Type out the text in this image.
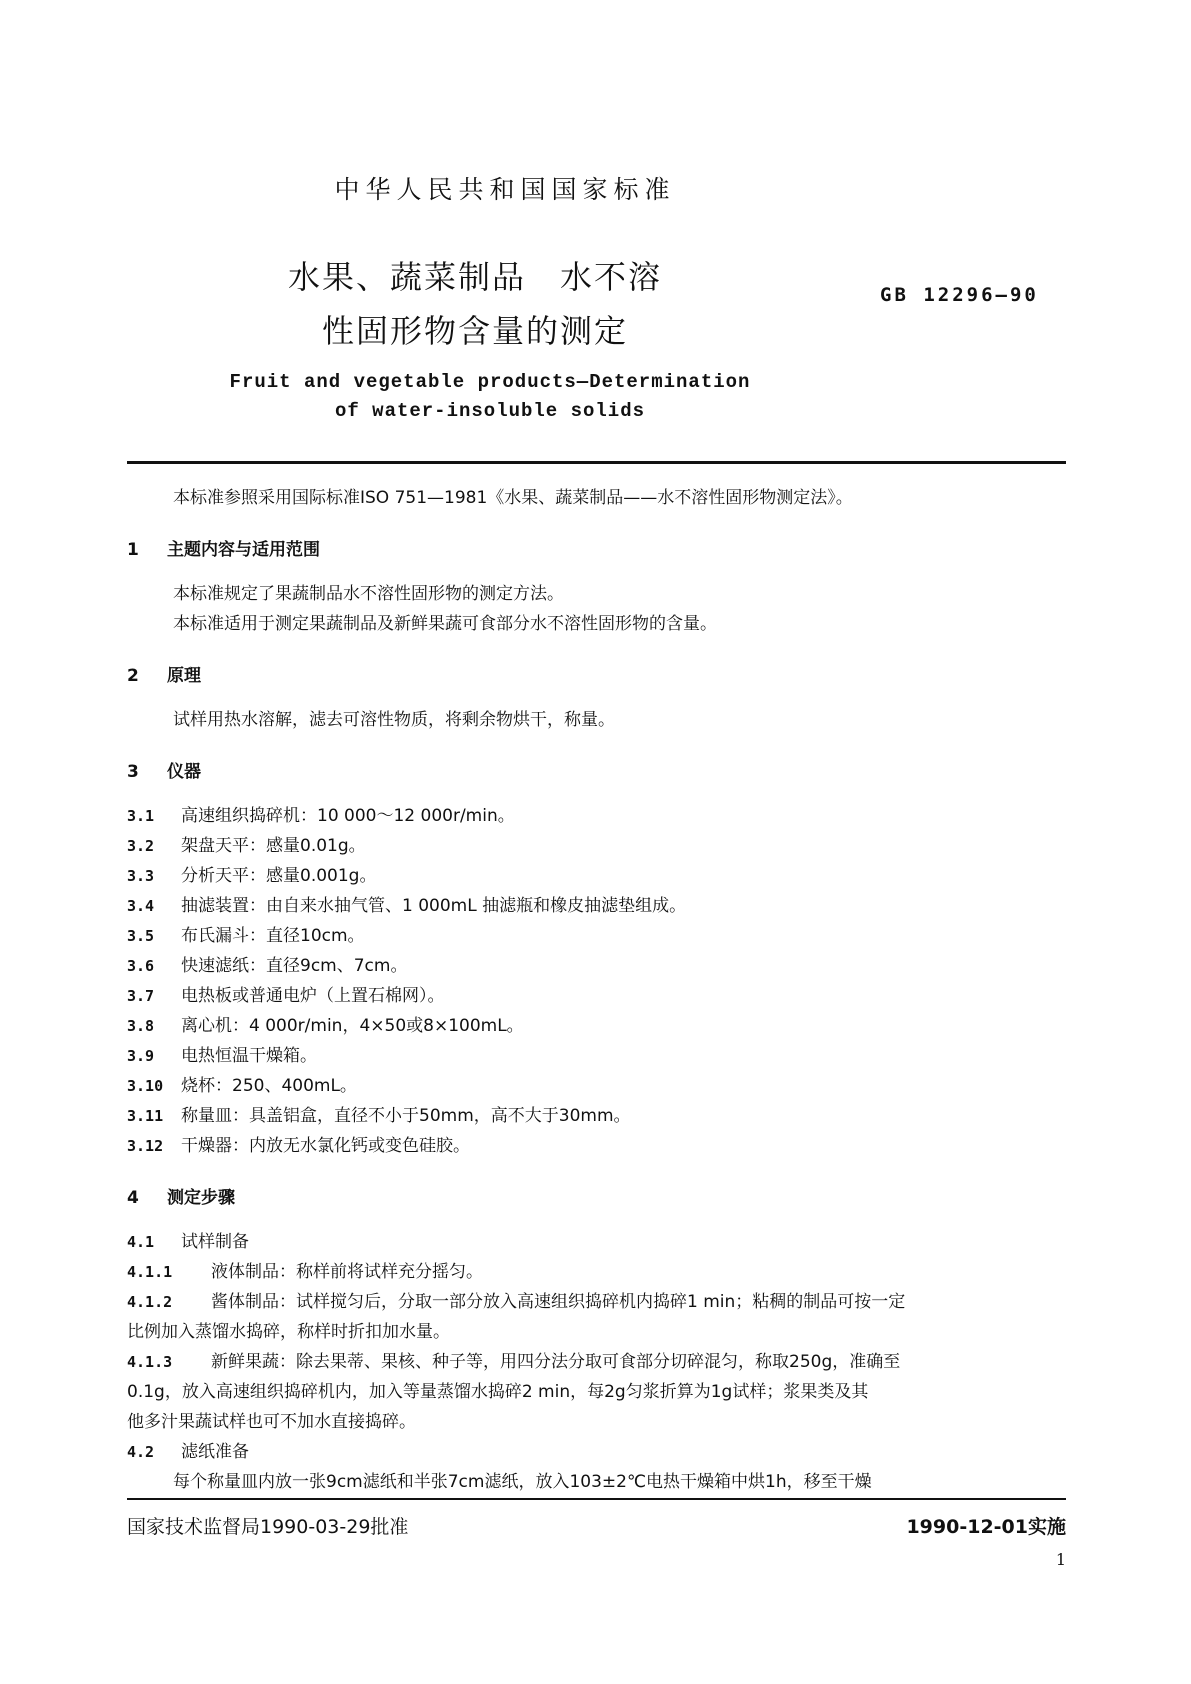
中华人民共和国国家标准
水果、蔬菜制品　水不溶
性固形物含量的测定
GB 12296—90
Fruit and vegetable products—Determination
of water-insoluble solids

本标准参照采用国际标准ISO 751—1981《水果、蔬菜制品——水不溶性固形物测定法》。

1	主题内容与适用范围

本标准规定了果蔬制品水不溶性固形物的测定方法。

本标准适用于测定果蔬制品及新鲜果蔬可食部分水不溶性固形物的含量。

2	原理

试样用热水溶解，滤去可溶性物质，将剩余物烘干，称量。

3	仪器

3.1	高速组织捣碎机：10 000～12 000r/min。

3.2	架盘天平：感量0.01g。

3.3	分析天平：感量0.001g。

3.4	抽滤装置：由自来水抽气管、1 000mL 抽滤瓶和橡皮抽滤垫组成。

3.5	布氏漏斗：直径10cm。

3.6	快速滤纸：直径9cm、7cm。

3.7	电热板或普通电炉（上置石棉网）。

3.8	离心机：4 000r/min，4×50或8×100mL。

3.9	电热恒温干燥箱。

3.10	烧杯：250、400mL。

3.11	称量皿：具盖铝盒，直径不小于50mm，高不大于30mm。

3.12	干燥器：内放无水氯化钙或变色硅胶。

4	测定步骤

4.1	试样制备

4.1.1	液体制品：称样前将试样充分摇匀。

4.1.2	酱体制品：试样搅匀后，分取一部分放入高速组织捣碎机内捣碎1 min；粘稠的制品可按一定

比例加入蒸馏水捣碎，称样时折扣加水量。

4.1.3	新鲜果蔬：除去果蒂、果核、种子等，用四分法分取可食部分切碎混匀，称取250g，准确至

0.1g，放入高速组织捣碎机内，加入等量蒸馏水捣碎2 min，每2g匀浆折算为1g试样；浆果类及其

他多汁果蔬试样也可不加水直接捣碎。

4.2	滤纸准备

每个称量皿内放一张9cm滤纸和半张7cm滤纸，放入103±2℃电热干燥箱中烘1h，移至干燥

国家技术监督局1990-03-29批准	1990-12-01实施
1
